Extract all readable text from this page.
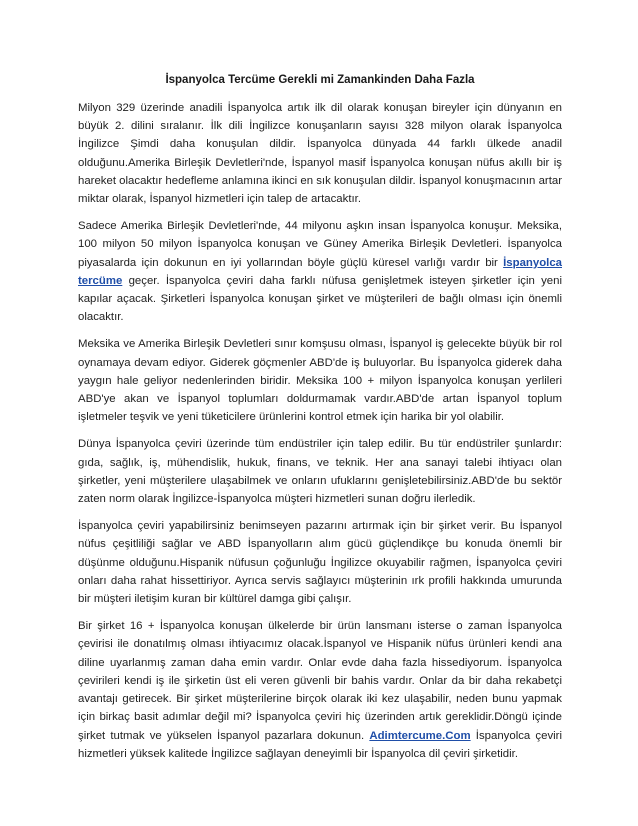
İspanyolca Tercüme Gerekli mi Zamankinden Daha Fazla

Milyon 329 üzerinde anadili İspanyolca artık ilk dil olarak konuşan bireyler için dünyanın en büyük 2. dilini sıralanır. İlk dili İngilizce konuşanların sayısı 328 milyon olarak İspanyolca İngilizce Şimdi daha konuşulan dildir. İspanyolca dünyada 44 farklı ülkede anadil olduğunu.Amerika Birleşik Devletleri'nde, İspanyol masif İspanyolca konuşan nüfus akıllı bir iş hareket olacaktır hedefleme anlamına ikinci en sık konuşulan dildir. İspanyol konuşmacının artar miktar olarak, İspanyol hizmetleri için talep de artacaktır.

Sadece Amerika Birleşik Devletleri'nde, 44 milyonu aşkın insan İspanyolca konuşur. Meksika, 100 milyon 50 milyon İspanyolca konuşan ve Güney Amerika Birleşik Devletleri. İspanyolca piyasalarda için dokunun en iyi yollarından böyle güçlü küresel varlığı vardır bir İspanyolca tercüme geçer. İspanyolca çeviri daha farklı nüfusa genişletmek isteyen şirketler için yeni kapılar açacak. Şirketleri İspanyolca konuşan şirket ve müşterileri de bağlı olması için önemli olacaktır.

Meksika ve Amerika Birleşik Devletleri sınır komşusu olması, İspanyol iş gelecekte büyük bir rol oynamaya devam ediyor. Giderek göçmenler ABD'de iş buluyorlar. Bu İspanyolca giderek daha yaygın hale geliyor nedenlerinden biridir. Meksika 100 + milyon İspanyolca konuşan yerlileri ABD'ye akan ve İspanyol toplumları doldurmamak vardır.ABD'de artan İspanyol toplum işletmeler teşvik ve yeni tüketicilere ürünlerini kontrol etmek için harika bir yol olabilir.

Dünya İspanyolca çeviri üzerinde tüm endüstriler için talep edilir. Bu tür endüstriler şunlardır: gıda, sağlık, iş, mühendislik, hukuk, finans, ve teknik. Her ana sanayi talebi ihtiyacı olan şirketler, yeni müşterilere ulaşabilmek ve onların ufuklarını genişletebilirsiniz.ABD'de bu sektör zaten norm olarak İngilizce-İspanyolca müşteri hizmetleri sunan doğru ilerledik.

İspanyolca çeviri yapabilirsiniz benimseyen pazarını artırmak için bir şirket verir. Bu İspanyol nüfus çeşitliliği sağlar ve ABD İspanyolların alım gücü güçlendikçe bu konuda önemli bir düşünme olduğunu.Hispanik nüfusun çoğunluğu İngilizce okuyabilir rağmen, İspanyolca çeviri onları daha rahat hissettiriyor. Ayrıca servis sağlayıcı müşterinin ırk profili hakkında umurunda bir müşteri iletişim kuran bir kültürel damga gibi çalışır.

Bir şirket 16 + İspanyolca konuşan ülkelerde bir ürün lansmanı isterse o zaman İspanyolca çevirisi ile donatılmış olması ihtiyacımız olacak.İspanyol ve Hispanik nüfus ürünleri kendi ana diline uyarlanmış zaman daha emin vardır. Onlar evde daha fazla hissediyorum. İspanyolca çevirileri kendi iş ile şirketin üst eli veren güvenli bir bahis vardır. Onlar da bir daha rekabetçi avantajı getirecek. Bir şirket müşterilerine birçok olarak iki kez ulaşabilir, neden bunu yapmak için birkaç basit adımlar değil mi? İspanyolca çeviri hiç üzerinden artık gereklidir.Döngü içinde şirket tutmak ve yükselen İspanyol pazarlara dokunun. Adimtercume.Com İspanyolca çeviri hizmetleri yüksek kalitede İngilizce sağlayan deneyimli bir İspanyolca dil çeviri şirketidir.
